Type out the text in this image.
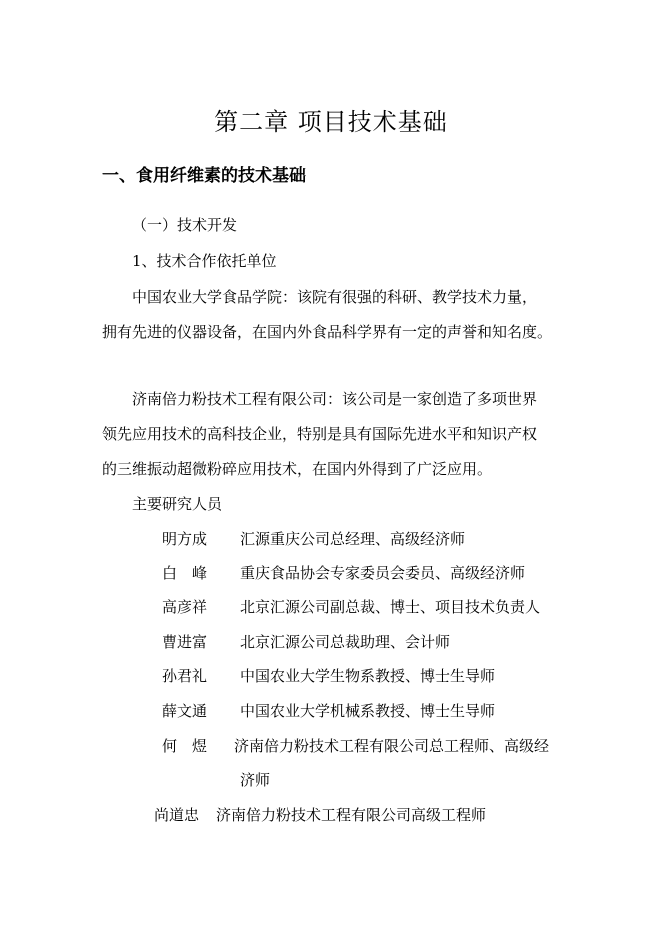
第二章 项目技术基础
一、食用纤维素的技术基础
（一）技术开发
1、技术合作依托单位
中国农业大学食品学院：该院有很强的科研、教学技术力量，
拥有先进的仪器设备，在国内外食品科学界有一定的声誉和知名度。
济南倍力粉技术工程有限公司：该公司是一家创造了多项世界
领先应用技术的高科技企业，特别是具有国际先进水平和知识产权
的三维振动超微粉碎应用技术，在国内外得到了广泛应用。
主要研究人员
明方成 汇源重庆公司总经理、高级经济师
白　峰 重庆食品协会专家委员会委员、高级经济师
高彦祥 北京汇源公司副总裁、博士、项目技术负责人
曹进富 北京汇源公司总裁助理、会计师
孙君礼 中国农业大学生物系教授、博士生导师
薛文通 中国农业大学机械系教授、博士生导师
何　煜 济南倍力粉技术工程有限公司总工程师、高级经
济师
尚道忠 济南倍力粉技术工程有限公司高级工程师
